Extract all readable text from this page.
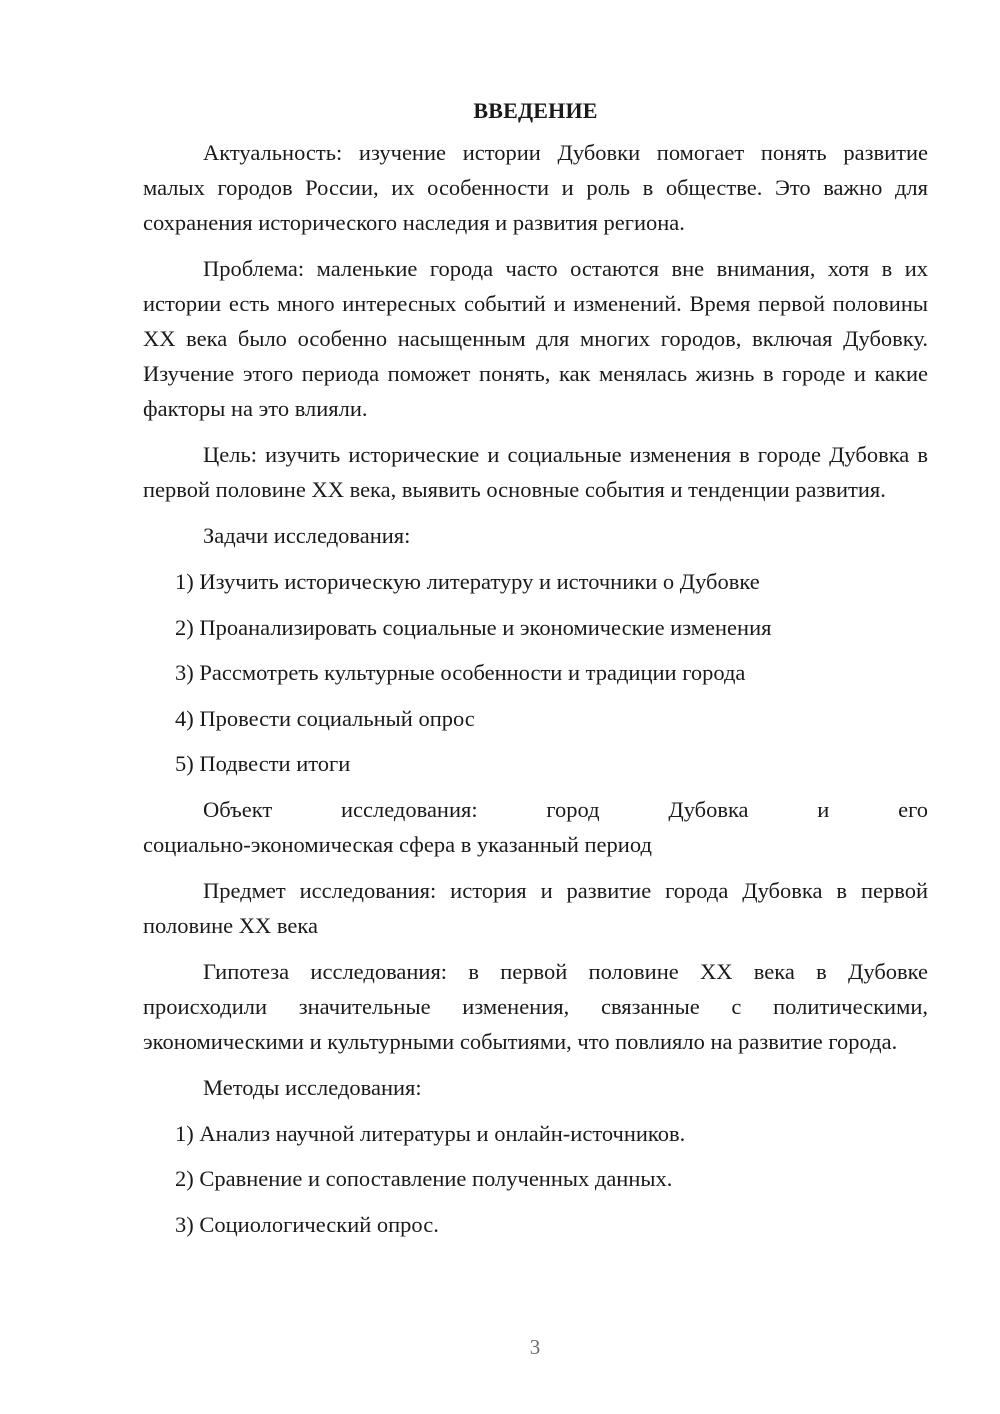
ВВЕДЕНИЕ

Актуальность: изучение истории Дубовки помогает понять развитие малых городов России, их особенности и роль в обществе. Это важно для сохранения исторического наследия и развития региона.

Проблема: маленькие города часто остаются вне внимания, хотя в их истории есть много интересных событий и изменений. Время первой половины XX века было особенно насыщенным для многих городов, включая Дубовку. Изучение этого периода поможет понять, как менялась жизнь в городе и какие факторы на это влияли.

Цель: изучить исторические и социальные изменения в городе Дубовка в первой половине XX века, выявить основные события и тенденции развития.

Задачи исследования:

1) Изучить историческую литературу и источники о Дубовке
2) Проанализировать социальные и экономические изменения
3) Рассмотреть культурные особенности и традиции города
4) Провести социальный опрос
5) Подвести итоги
Объект	исследования:	город	Дубовка	и	его
социально-экономическая сфера в указанный период

Предмет исследования: история и развитие города Дубовка в первой половине XX века

Гипотеза исследования: в первой половине XX века в Дубовке происходили значительные изменения, связанные с политическими, экономическими и культурными событиями, что повлияло на развитие города.

Методы исследования:

1) Анализ научной литературы и онлайн-источников.
2) Сравнение и сопоставление полученных данных.
3) Социологический опрос.
3
